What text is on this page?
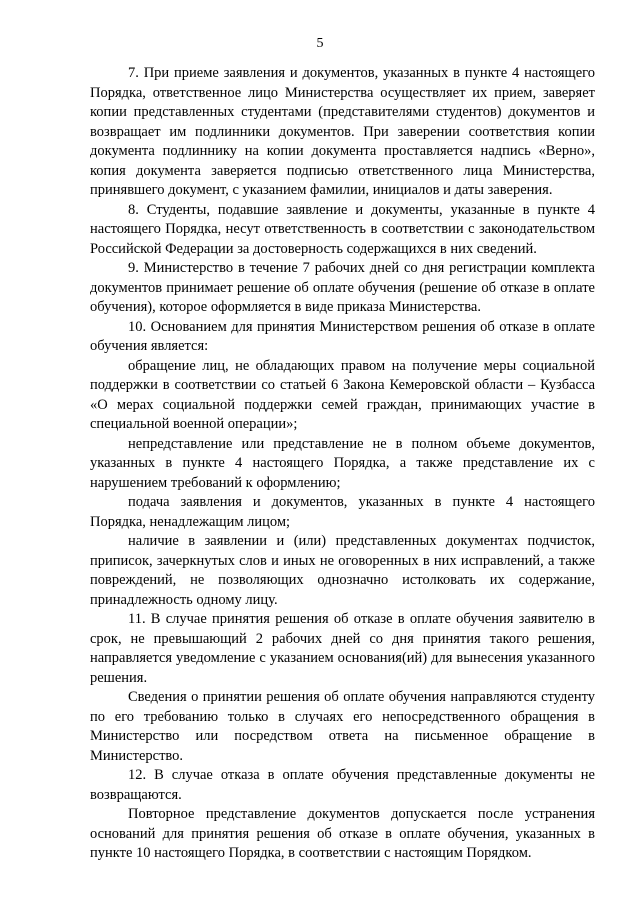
5

7. При приеме заявления и документов, указанных в пункте 4 настоящего Порядка, ответственное лицо Министерства осуществляет их прием, заверяет копии представленных студентами (представителями студентов) документов и возвращает им подлинники документов. При заверении соответствия копии документа подлиннику на копии документа проставляется надпись «Верно», копия документа заверяется подписью ответственного лица Министерства, принявшего документ, с указанием фамилии, инициалов и даты заверения.

8. Студенты, подавшие заявление и документы, указанные в пункте 4 настоящего Порядка, несут ответственность в соответствии с законодательством Российской Федерации за достоверность содержащихся в них сведений.

9. Министерство в течение 7 рабочих дней со дня регистрации комплекта документов принимает решение об оплате обучения (решение об отказе в оплате обучения), которое оформляется в виде приказа Министерства.

10. Основанием для принятия Министерством решения об отказе в оплате обучения является:

обращение лиц, не обладающих правом на получение меры социальной поддержки в соответствии со статьей 6 Закона Кемеровской области – Кузбасса «О мерах социальной поддержки семей граждан, принимающих участие в специальной военной операции»;

непредставление или представление не в полном объеме документов, указанных в пункте 4 настоящего Порядка, а также представление их с нарушением требований к оформлению;

подача заявления и документов, указанных в пункте 4 настоящего Порядка, ненадлежащим лицом;

наличие в заявлении и (или) представленных документах подчисток, приписок, зачеркнутых слов и иных не оговоренных в них исправлений, а также повреждений, не позволяющих однозначно истолковать их содержание, принадлежность одному лицу.

11. В случае принятия решения об отказе в оплате обучения заявителю в срок, не превышающий 2 рабочих дней со дня принятия такого решения, направляется уведомление с указанием основания(ий) для вынесения указанного решения.

Сведения о принятии решения об оплате обучения направляются студенту по его требованию только в случаях его непосредственного обращения в Министерство или посредством ответа на письменное обращение в Министерство.

12. В случае отказа в оплате обучения представленные документы не возвращаются.

Повторное представление документов допускается после устранения оснований для принятия решения об отказе в оплате обучения, указанных в пункте 10 настоящего Порядка, в соответствии с настоящим Порядком.
